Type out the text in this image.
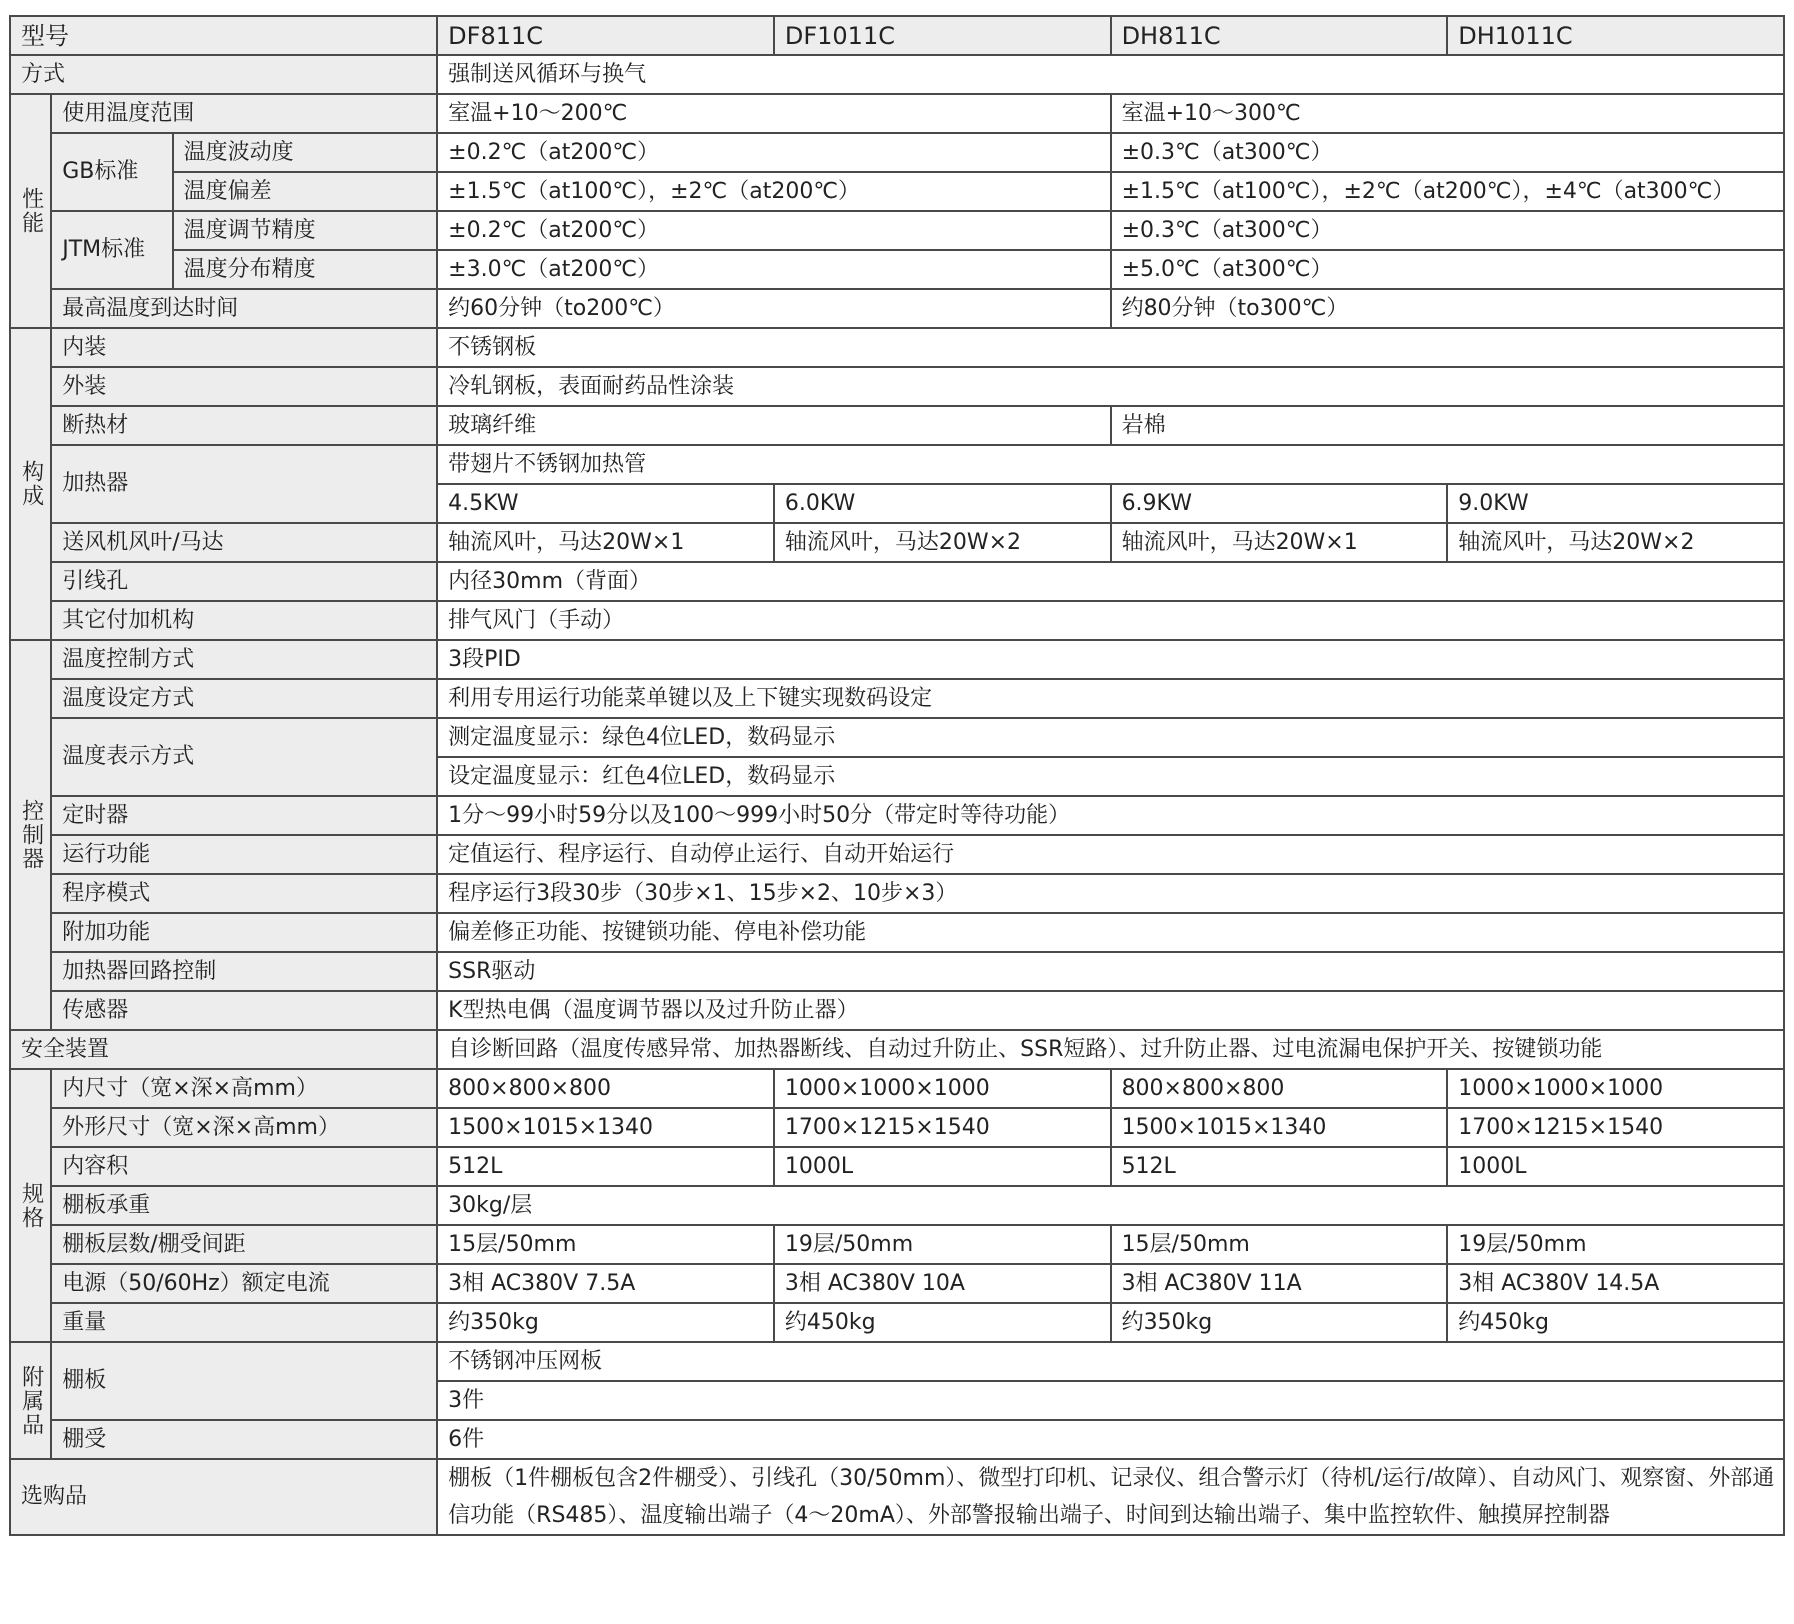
型号			DF811C	DF1011C	DH811C	DH1011C
方式			强制送风循环与换气			
性能	使用温度范围		室温+10～200℃		室温+10～300℃	
	GB标准	温度波动度	±0.2℃（at200℃）		±0.3℃（at300℃）	
		温度偏差	±1.5℃（at100℃），±2℃（at200℃）		±1.5℃（at100℃），±2℃（at200℃），±4℃（at300℃）	
	JTM标准	温度调节精度	±0.2℃（at200℃）		±0.3℃（at300℃）	
		温度分布精度	±3.0℃（at200℃）		±5.0℃（at300℃）	
	最高温度到达时间		约60分钟（to200℃）		约80分钟（to300℃）	
构成	内装		不锈钢板			
	外装		冷轧钢板，表面耐药品性涂装			
	断热材		玻璃纤维		岩棉	
	加热器		带翅片不锈钢加热管			
			4.5KW	6.0KW	6.9KW	9.0KW
	送风机风叶/马达		轴流风叶，马达20W×1	轴流风叶，马达20W×2	轴流风叶，马达20W×1	轴流风叶，马达20W×2
	引线孔		内径30mm（背面）			
	其它付加机构		排气风门（手动）			
控制器	温度控制方式		3段PID			
	温度设定方式		利用专用运行功能菜单键以及上下键实现数码设定			
	温度表示方式		测定温度显示：绿色4位LED，数码显示			
			设定温度显示：红色4位LED，数码显示			
	定时器		1分～99小时59分以及100～999小时50分（带定时等待功能）			
	运行功能		定值运行、程序运行、自动停止运行、自动开始运行			
	程序模式		程序运行3段30步（30步×1、15步×2、10步×3）			
	附加功能		偏差修正功能、按键锁功能、停电补偿功能			
	加热器回路控制		SSR驱动			
	传感器		K型热电偶（温度调节器以及过升防止器）			
安全装置			自诊断回路（温度传感异常、加热器断线、自动过升防止、SSR短路）、过升防止器、过电流漏电保护开关、按键锁功能			
规格	内尺寸（宽×深×高mm）		800×800×800	1000×1000×1000	800×800×800	1000×1000×1000
	外形尺寸（宽×深×高mm）		1500×1015×1340	1700×1215×1540	1500×1015×1340	1700×1215×1540
	内容积		512L	1000L	512L	1000L
	棚板承重		30kg/层			
	棚板层数/棚受间距		15层/50mm	19层/50mm	15层/50mm	19层/50mm
	电源（50/60Hz）额定电流		3相 AC380V 7.5A	3相 AC380V 10A	3相 AC380V 11A	3相 AC380V 14.5A
	重量		约350kg	约450kg	约350kg	约450kg
附属品	棚板		不锈钢冲压网板			
			3件			
	棚受		6件			
选购品			棚板（1件棚板包含2件棚受）、引线孔（30/50mm）、微型打印机、记录仪、组合警示灯（待机/运行/故障）、自动风门、观察窗、外部通信功能（RS485）、温度输出端子（4～20mA）、外部警报输出端子、时间到达输出端子、集中监控软件、触摸屏控制器			
